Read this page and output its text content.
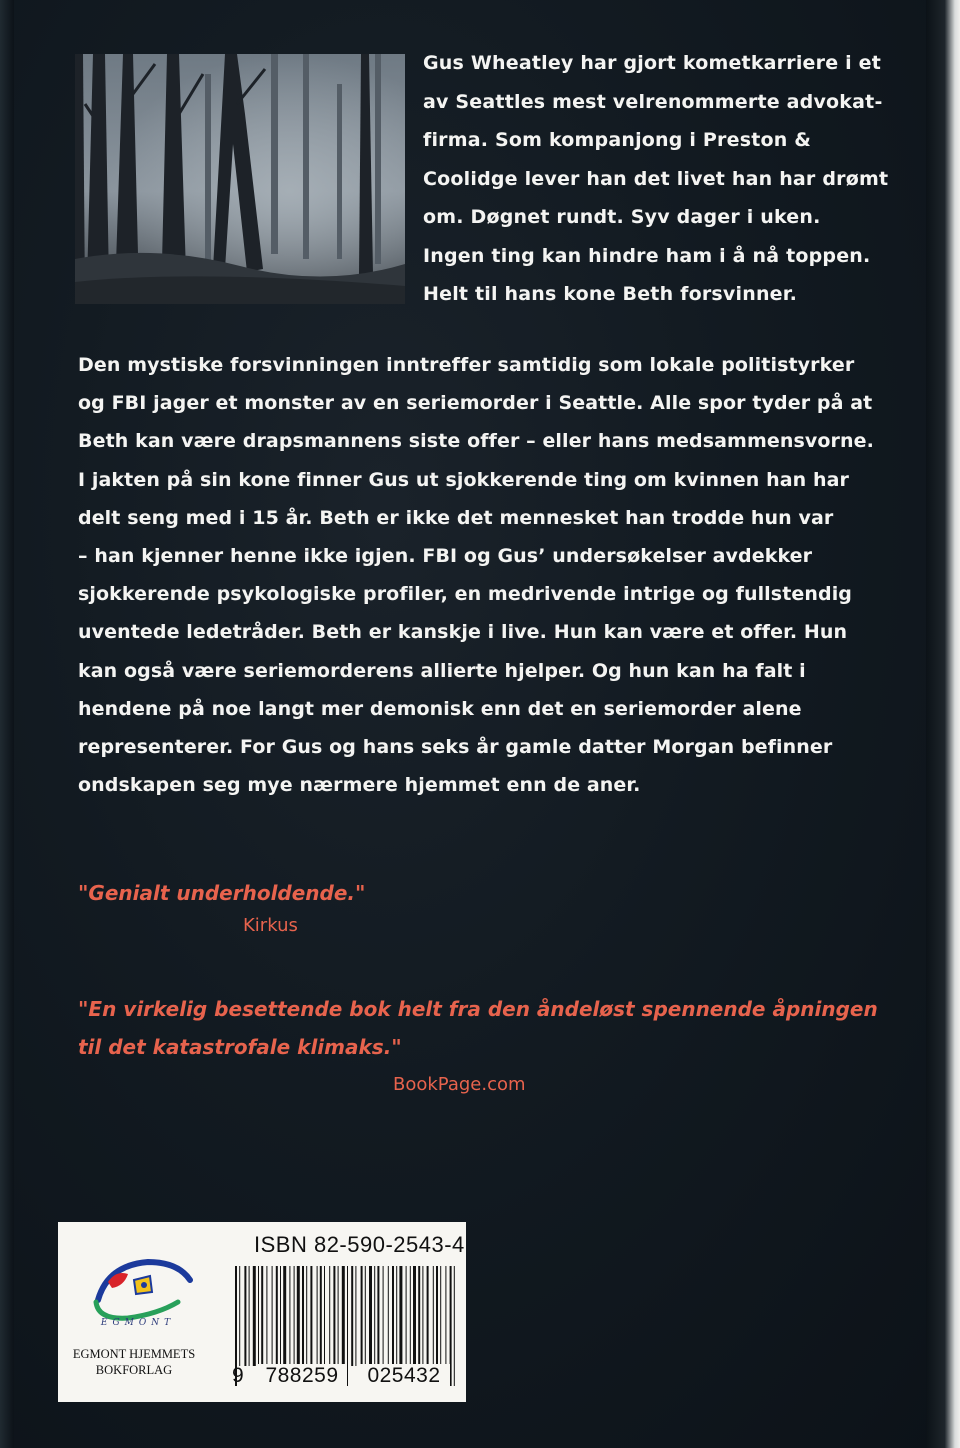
Gus Wheatley har gjort kometkarriere i et
av Seattles mest velrenommerte advokat-
firma. Som kompanjong i Preston &
Coolidge lever han det livet han har drømt
om. Døgnet rundt. Syv dager i uken.
Ingen ting kan hindre ham i å nå toppen.
Helt til hans kone Beth forsvinner.

Den mystiske forsvinningen inntreffer samtidig som lokale politistyrker
og FBI jager et monster av en seriemorder i Seattle. Alle spor tyder på at
Beth kan være drapsmannens siste offer – eller hans medsammensvorne.
I jakten på sin kone finner Gus ut sjokkerende ting om kvinnen han har
delt seng med i 15 år. Beth er ikke det mennesket han trodde hun var
– han kjenner henne ikke igjen. FBI og Gus’ undersøkelser avdekker
sjokkerende psykologiske profiler, en medrivende intrige og fullstendig
uventede ledetråder. Beth er kanskje i live. Hun kan være et offer. Hun
kan også være seriemorderens allierte hjelper. Og hun kan ha falt i
hendene på noe langt mer demonisk enn det en seriemorder alene
representerer. For Gus og hans seks år gamle datter Morgan befinner
ondskapen seg mye nærmere hjemmet enn de aner.

"Genialt underholdende."

Kirkus

"En virkelig besettende bok helt fra den åndeløst spennende åpningen
til det katastrofale klimaks."

BookPage.com

EGMONT
EGMONT HJEMMETS
BOKFORLAG
ISBN 82-590-2543-4
9	788259	025432
